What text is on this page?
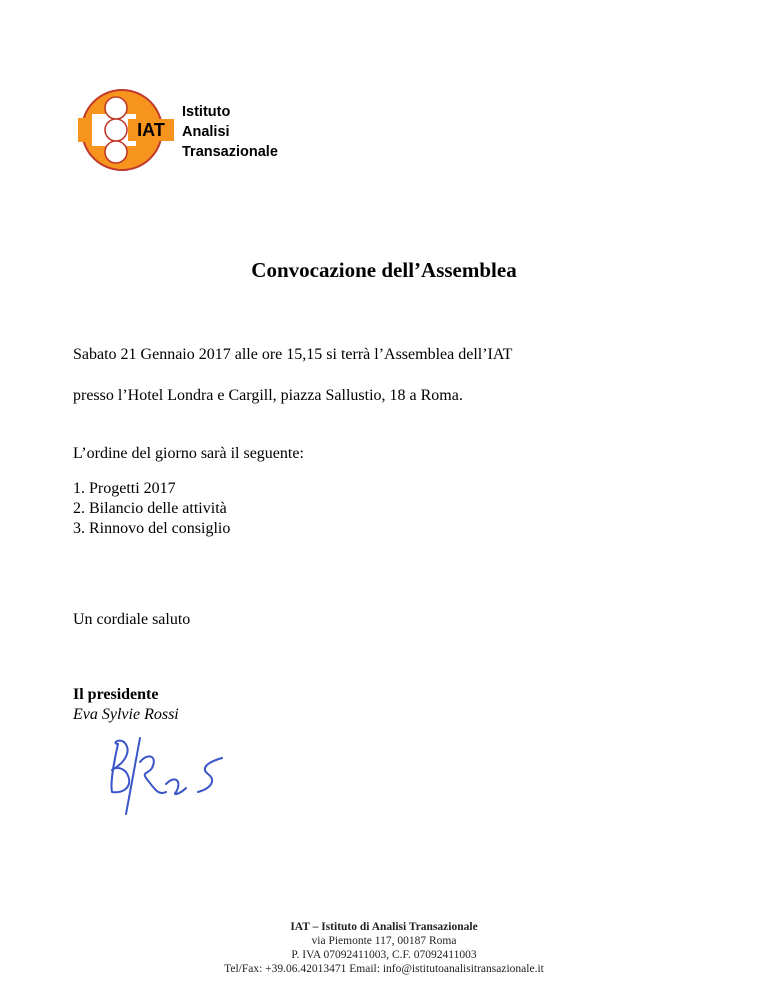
IAT
Istituto
Analisi
Transazionale
Convocazione dell’Assemblea
Sabato 21 Gennaio 2017 alle ore 15,15 si terrà l’Assemblea dell’IAT
presso l’Hotel Londra e Cargill, piazza Sallustio, 18 a Roma.
L’ordine del giorno sarà il seguente:
1. Progetti 2017
2. Bilancio delle attività
3. Rinnovo del consiglio
Un cordiale saluto
Il presidente
Eva Sylvie Rossi
IAT – Istituto di Analisi Transazionale
via Piemonte 117, 00187 Roma
P. IVA 07092411003, C.F. 07092411003
Tel/Fax: +39.06.42013471 Email: info@istitutoanalisitransazionale.it
